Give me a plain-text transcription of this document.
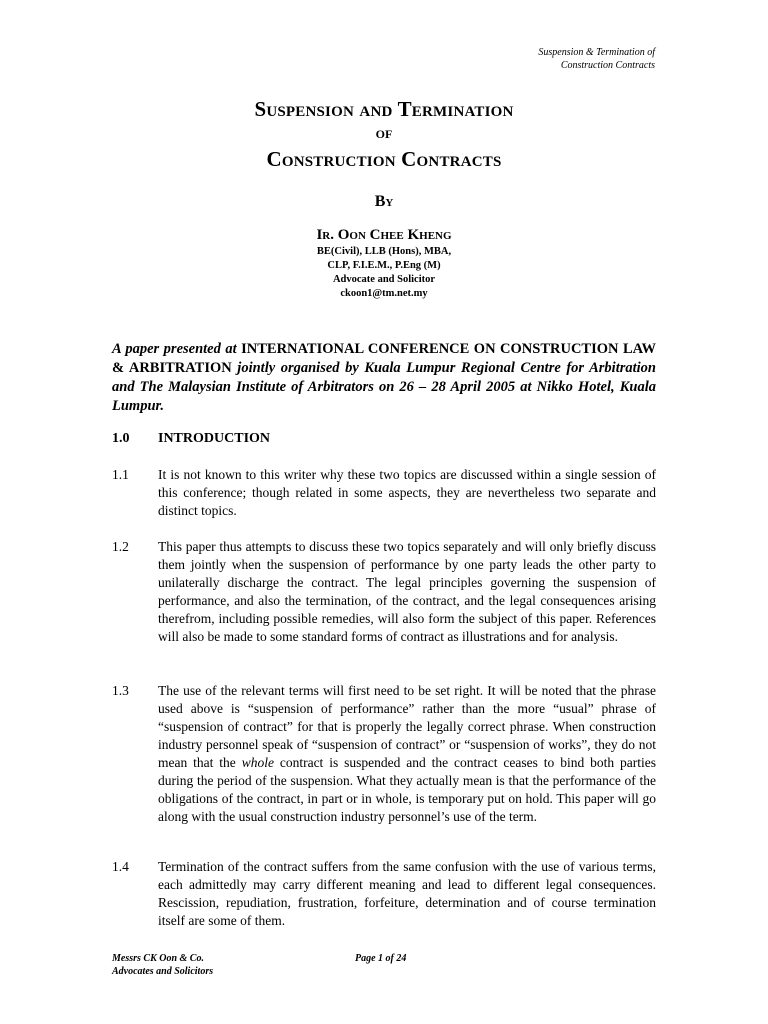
Suspension & Termination of
Construction Contracts
Suspension and Termination
of
Construction Contracts
By
Ir. Oon Chee Kheng
BE(Civil), LLB (Hons), MBA,
CLP, F.I.E.M., P.Eng (M)
Advocate and Solicitor
ckoon1@tm.net.my
A paper presented at INTERNATIONAL CONFERENCE ON CONSTRUCTION LAW & ARBITRATION jointly organised by Kuala Lumpur Regional Centre for Arbitration and The Malaysian Institute of Arbitrators on 26 – 28 April 2005 at Nikko Hotel, Kuala Lumpur.
1.0 INTRODUCTION
1.1 It is not known to this writer why these two topics are discussed within a single session of this conference; though related in some aspects, they are nevertheless two separate and distinct topics.
1.2 This paper thus attempts to discuss these two topics separately and will only briefly discuss them jointly when the suspension of performance by one party leads the other party to unilaterally discharge the contract. The legal principles governing the suspension of performance, and also the termination, of the contract, and the legal consequences arising therefrom, including possible remedies, will also form the subject of this paper. References will also be made to some standard forms of contract as illustrations and for analysis.
1.3 The use of the relevant terms will first need to be set right. It will be noted that the phrase used above is “suspension of performance” rather than the more “usual” phrase of “suspension of contract” for that is properly the legally correct phrase. When construction industry personnel speak of “suspension of contract” or “suspension of works”, they do not mean that the whole contract is suspended and the contract ceases to bind both parties during the period of the suspension. What they actually mean is that the performance of the obligations of the contract, in part or in whole, is temporary put on hold. This paper will go along with the usual construction industry personnel’s use of the term.
1.4 Termination of the contract suffers from the same confusion with the use of various terms, each admittedly may carry different meaning and lead to different legal consequences. Rescission, repudiation, frustration, forfeiture, determination and of course termination itself are some of them.
Messrs CK Oon & Co.
Advocates and Solicitors
Page 1 of 24
